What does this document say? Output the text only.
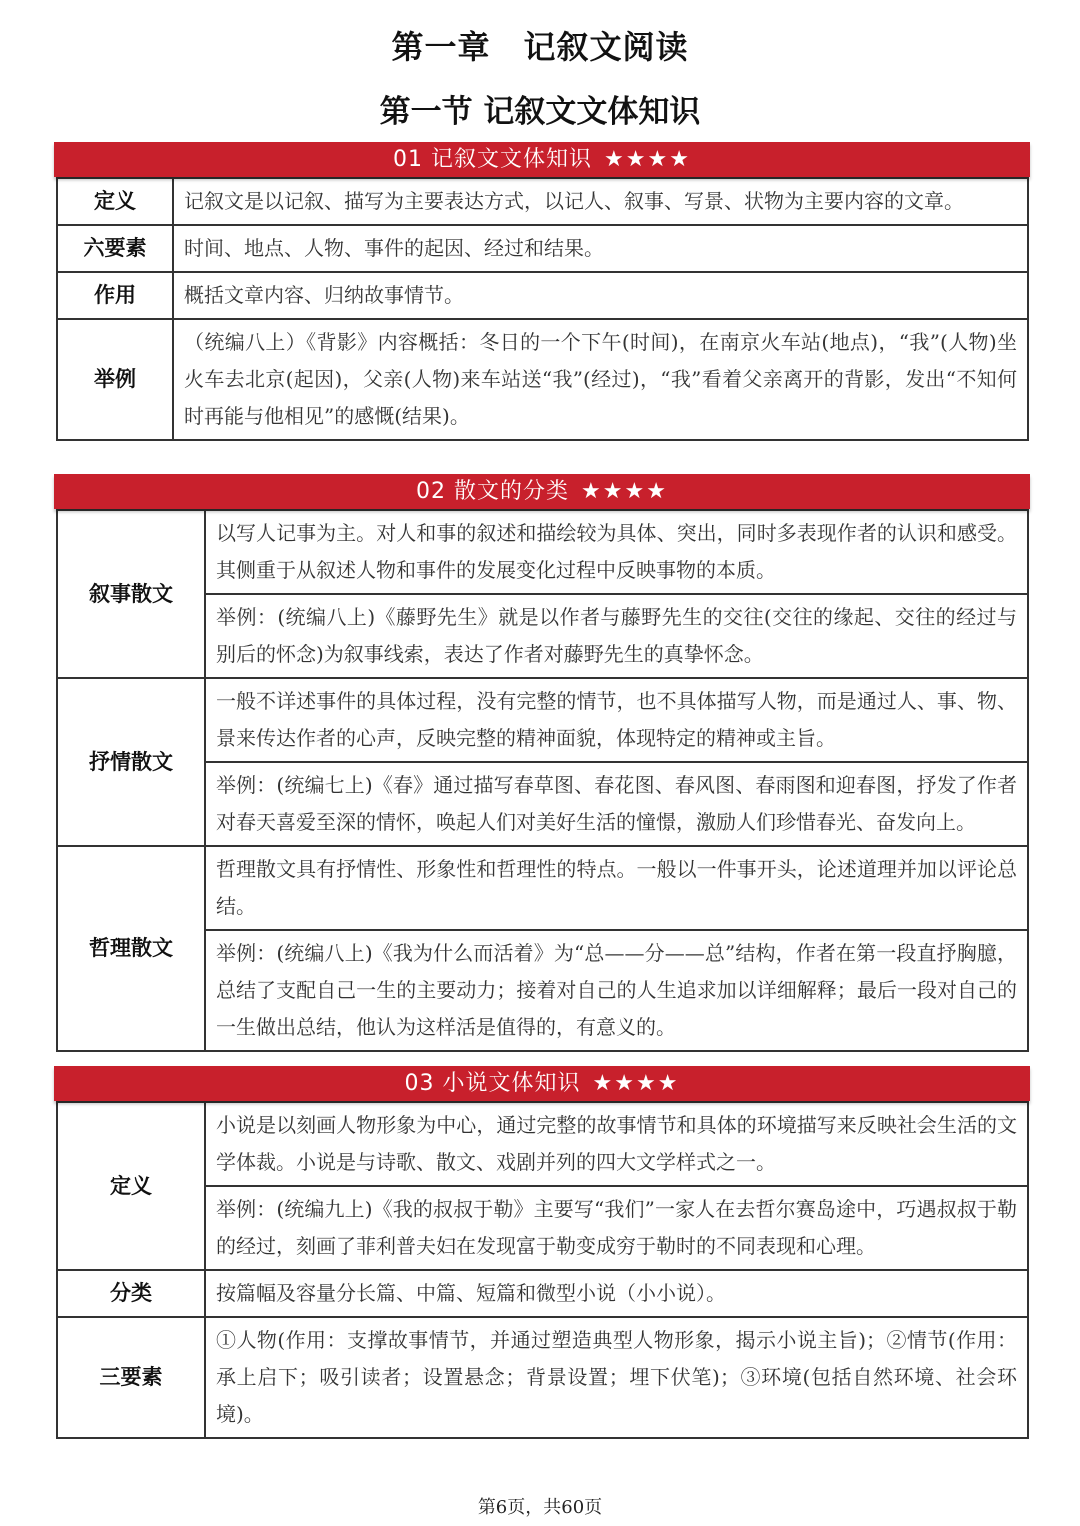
第一章　记叙文阅读
第一节 记叙文文体知识
01 记叙文文体知识 ★★★★
定义	记叙文是以记叙、描写为主要表达方式，以记人、叙事、写景、状物为主要内容的文章。
六要素	时间、地点、人物、事件的起因、经过和结果。
作用	概括文章内容、归纳故事情节。
举例	（统编八上）《背影》内容概括：冬日的一个下午(时间)，在南京火车站(地点)，“我”(人物)坐火车去北京(起因)，父亲(人物)来车站送“我”(经过)，“我”看着父亲离开的背影，发出“不知何时再能与他相见”的感慨(结果)。
02 散文的分类 ★★★★
叙事散文	以写人记事为主。对人和事的叙述和描绘较为具体、突出，同时多表现作者的认识和感受。其侧重于从叙述人物和事件的发展变化过程中反映事物的本质。
	举例：(统编八上)《藤野先生》就是以作者与藤野先生的交往(交往的缘起、交往的经过与别后的怀念)为叙事线索，表达了作者对藤野先生的真挚怀念。
抒情散文	一般不详述事件的具体过程，没有完整的情节，也不具体描写人物，而是通过人、事、物、景来传达作者的心声，反映完整的精神面貌，体现特定的精神或主旨。
	举例：(统编七上)《春》通过描写春草图、春花图、春风图、春雨图和迎春图，抒发了作者对春天喜爱至深的情怀，唤起人们对美好生活的憧憬，激励人们珍惜春光、奋发向上。
哲理散文	哲理散文具有抒情性、形象性和哲理性的特点。一般以一件事开头，论述道理并加以评论总结。
	举例：(统编八上)《我为什么而活着》为“总——分——总”结构，作者在第一段直抒胸臆，总结了支配自己一生的主要动力；接着对自己的人生追求加以详细解释；最后一段对自己的一生做出总结，他认为这样活是值得的，有意义的。
03 小说文体知识 ★★★★
定义	小说是以刻画人物形象为中心，通过完整的故事情节和具体的环境描写来反映社会生活的文学体裁。小说是与诗歌、散文、戏剧并列的四大文学样式之一。
	举例：(统编九上)《我的叔叔于勒》主要写“我们”一家人在去哲尔赛岛途中，巧遇叔叔于勒的经过，刻画了菲利普夫妇在发现富于勒变成穷于勒时的不同表现和心理。
分类	按篇幅及容量分长篇、中篇、短篇和微型小说（小小说）。
三要素	①人物(作用：支撑故事情节，并通过塑造典型人物形象，揭示小说主旨)；②情节(作用：承上启下；吸引读者；设置悬念；背景设置；埋下伏笔)；③环境(包括自然环境、社会环境)。
第6页，共60页
